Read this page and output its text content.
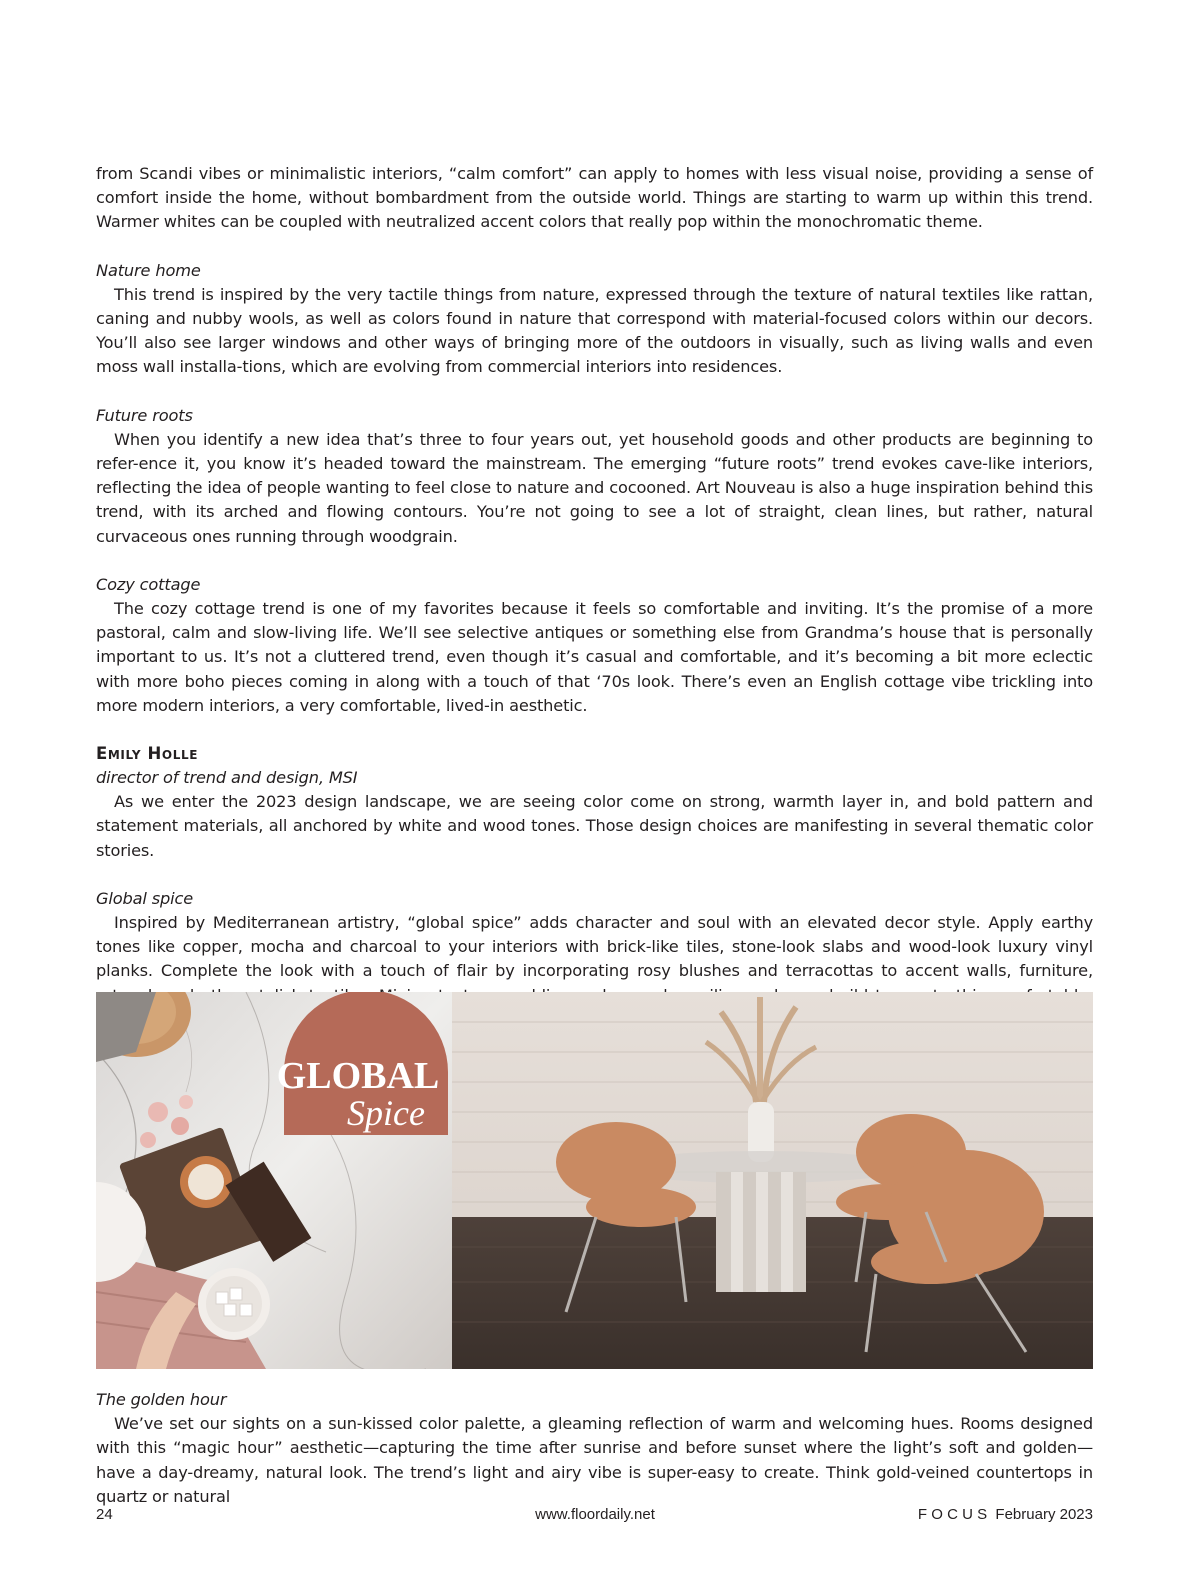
from Scandi vibes or minimalistic interiors, “calm comfort” can apply to homes with less visual noise, providing a sense of comfort inside the home, without bombardment from the outside world. Things are starting to warm up within this trend. Warmer whites can be coupled with neutralized accent colors that really pop within the monochromatic theme.

Nature home

This trend is inspired by the very tactile things from nature, expressed through the texture of natural textiles like rattan, caning and nubby wools, as well as colors found in nature that correspond with material-focused colors within our decors. You’ll also see larger windows and other ways of bringing more of the outdoors in visually, such as living walls and even moss wall installa-tions, which are evolving from commercial interiors into residences.

Future roots

When you identify a new idea that’s three to four years out, yet household goods and other products are beginning to refer-ence it, you know it’s headed toward the mainstream. The emerging “future roots” trend evokes cave-like interiors, reflecting the idea of people wanting to feel close to nature and cocooned. Art Nouveau is also a huge inspiration behind this trend, with its arched and flowing contours. You’re not going to see a lot of straight, clean lines, but rather, natural curvaceous ones running through woodgrain.

Cozy cottage

The cozy cottage trend is one of my favorites because it feels so comfortable and inviting. It’s the promise of a more pastoral, calm and slow-living life. We’ll see selective antiques or something else from Grandma’s house that is personally important to us. It’s not a cluttered trend, even though it’s casual and comfortable, and it’s becoming a bit more eclectic with more boho pieces coming in along with a touch of that ‘70s look. There’s even an English cottage vibe trickling into more modern interiors, a very comfortable, lived-in aesthetic.

Emily Holle

director of trend and design, MSI

As we enter the 2023 design landscape, we are seeing color come on strong, warmth layer in, and bold pattern and statement materials, all anchored by white and wood tones. Those design choices are manifesting in several thematic color stories.

Global spice

Inspired by Mediterranean artistry, “global spice” adds character and soul with an elevated decor style. Apply earthy tones like copper, mocha and charcoal to your interiors with brick-like tiles, stone-look slabs and wood-look luxury vinyl planks. Complete the look with a touch of flair by incorporating rosy blushes and terracottas to accent walls, furniture,

GLOBAL
Spice

The golden hour

We’ve set our sights on a sun-kissed color palette, a gleaming reflection of warm and welcoming hues. Rooms designed with this “magic hour” aesthetic—capturing the time after sunrise and before sunset where the light’s soft and golden—have a day-dreamy, natural look. The trend’s light and airy vibe is super-easy to create. Think gold-veined countertops in quartz or natural

24	www.floordaily.net	F O C U S  February 2023
